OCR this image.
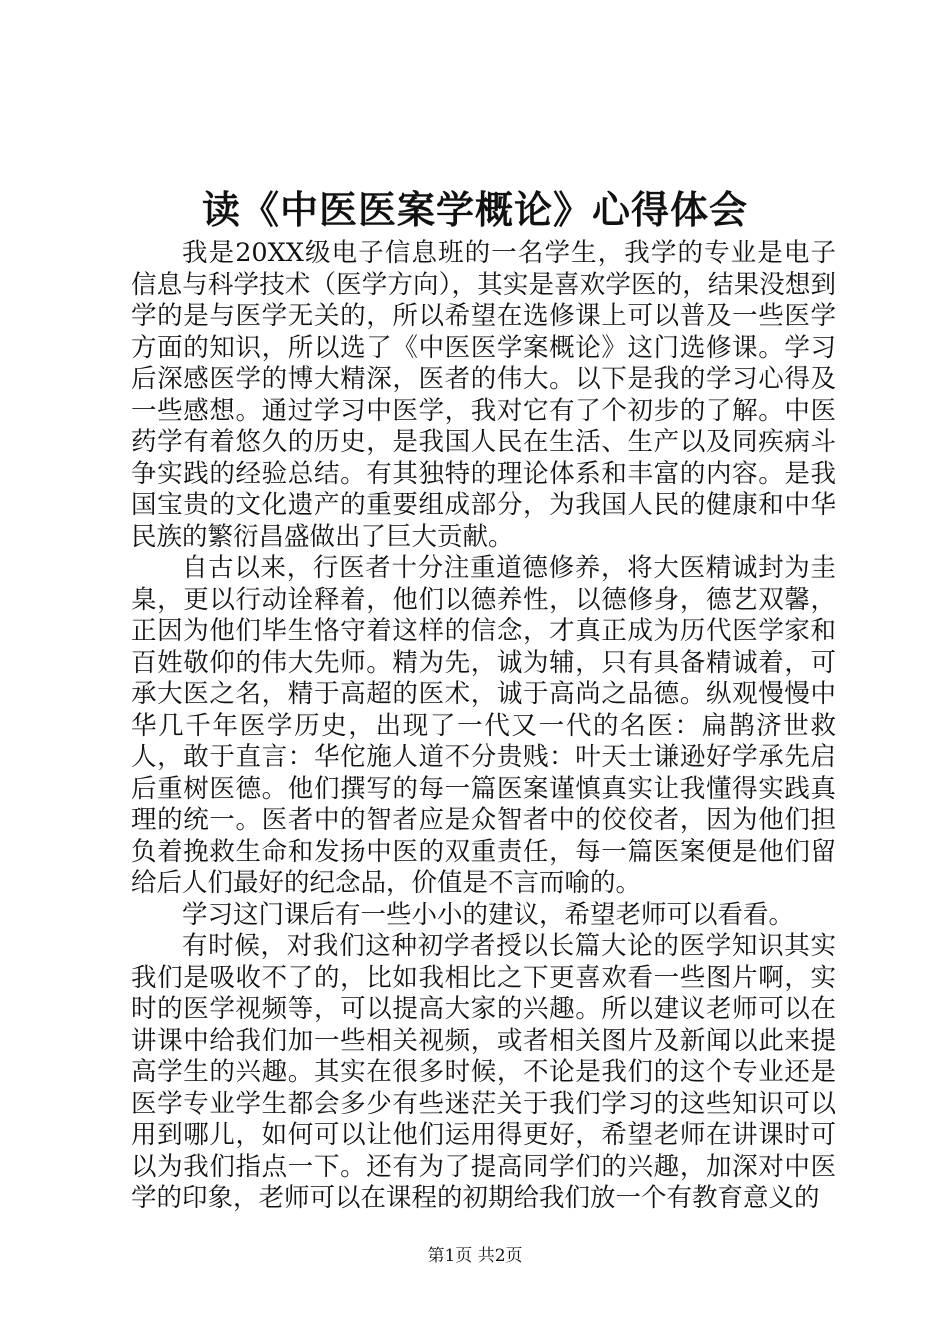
读《中医医案学概论》心得体会

我是20XX级电子信息班的一名学生，我学的专业是电子信息与科学技术（医学方向），其实是喜欢学医的，结果没想到学的是与医学无关的，所以希望在选修课上可以普及一些医学方面的知识，所以选了《中医医学案概论》这门选修课。学习后深感医学的博大精深，医者的伟大。以下是我的学习心得及一些感想。通过学习中医学，我对它有了个初步的了解。中医药学有着悠久的历史，是我国人民在生活、生产以及同疾病斗争实践的经验总结。有其独特的理论体系和丰富的内容。是我国宝贵的文化遗产的重要组成部分，为我国人民的健康和中华民族的繁衍昌盛做出了巨大贡献。

自古以来，行医者十分注重道德修养，将大医精诚封为圭臬，更以行动诠释着，他们以德养性，以德修身，德艺双馨，正因为他们毕生恪守着这样的信念，才真正成为历代医学家和百姓敬仰的伟大先师。精为先，诚为辅，只有具备精诚着，可承大医之名，精于高超的医术，诚于高尚之品德。纵观慢慢中华几千年医学历史，出现了一代又一代的名医：扁鹊济世救人，敢于直言：华佗施人道不分贵贱：叶天士谦逊好学承先启后重树医德。他们撰写的每一篇医案谨慎真实让我懂得实践真理的统一。医者中的智者应是众智者中的佼佼者，因为他们担负着挽救生命和发扬中医的双重责任，每一篇医案便是他们留给后人们最好的纪念品，价值是不言而喻的。

学习这门课后有一些小小的建议，希望老师可以看看。

有时候，对我们这种初学者授以长篇大论的医学知识其实我们是吸收不了的，比如我相比之下更喜欢看一些图片啊，实时的医学视频等，可以提高大家的兴趣。所以建议老师可以在讲课中给我们加一些相关视频，或者相关图片及新闻以此来提高学生的兴趣。其实在很多时候，不论是我们的这个专业还是医学专业学生都会多少有些迷茫关于我们学习的这些知识可以用到哪儿，如何可以让他们运用得更好，希望老师在讲课时可以为我们指点一下。还有为了提高同学们的兴趣，加深对中医学的印象，老师可以在课程的初期给我们放一个有教育意义的

第1页 共2页
